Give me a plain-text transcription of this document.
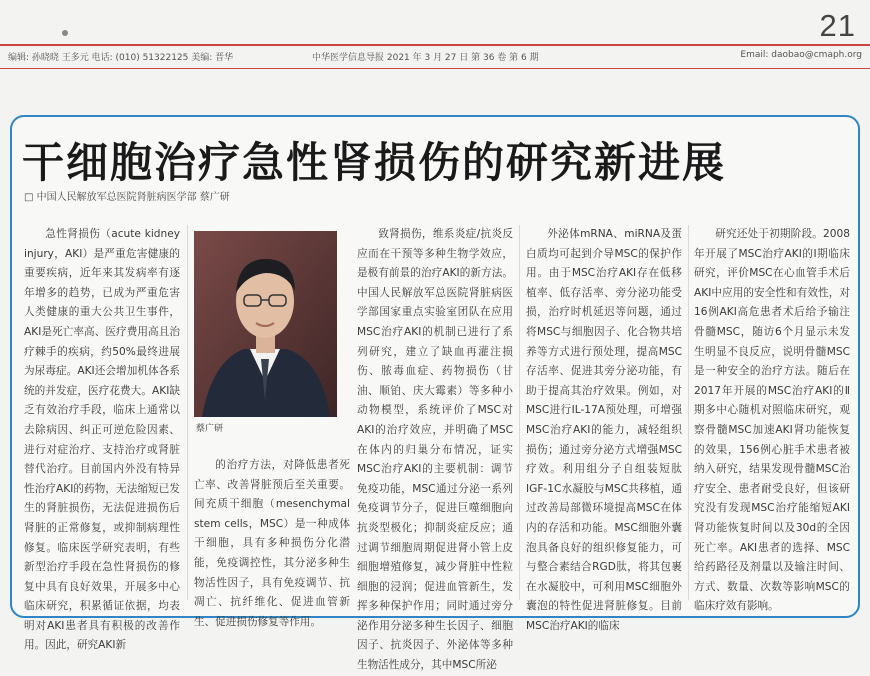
21
编辑: 孙晓晓 王多元 电话: (010) 51322125 美编: 晋华	中华医学信息导报 2021 年 3 月 27 日 第 36 卷 第 6 期	Email: daobao@cmaph.org
干细胞治疗急性肾损伤的研究新进展
□ 中国人民解放军总医院肾脏病医学部 蔡广研
蔡广研

急性肾损伤（acute kidney injury，AKI）是严重危害健康的重要疾病，近年来其发病率有逐年增多的趋势，已成为严重危害人类健康的重大公共卫生事件，AKI是死亡率高、医疗费用高且治疗棘手的疾病，约50%最终进展为尿毒症。AKI还会增加机体各系统的并发症，医疗花费大。AKI缺乏有效治疗手段，临床上通常以去除病因、纠正可逆危险因素、进行对症治疗、支持治疗或肾脏替代治疗。目前国内外没有特异性治疗AKI的药物，无法缩短已发生的肾脏损伤，无法促进损伤后肾脏的正常修复，或抑制病理性修复。临床医学研究表明，有些新型治疗手段在急性肾损伤的修复中具有良好效果，开展多中心临床研究，积累循证依据，均表明对AKI患者具有积极的改善作用。因此，研究AKI新

的治疗方法，对降低患者死亡率、改善肾脏预后至关重要。间充质干细胞（mesenchymal stem cells，MSC）是一种成体干细胞，具有多种损伤分化潜能，免疫调控性，其分泌多种生物活性因子，具有免疫调节、抗凋亡、抗纤维化、促进血管新生、促进损伤修复等作用。

致肾损伤，维系炎症/抗炎反应而在干预等多种生物学效应，是极有前景的治疗AKI的新方法。中国人民解放军总医院肾脏病医学部国家重点实验室团队在应用MSC治疗AKI的机制已进行了系列研究，建立了缺血再灌注损伤、脓毒血症、药物损伤（甘油、顺铂、庆大霉素）等多种小动物模型，系统评价了MSC对AKI的治疗效应，并明确了MSC在体内的归巢分布情况，证实MSC治疗AKI的主要机制：调节免疫功能，MSC通过分泌一系列免疫调节分子，促进巨噬细胞向抗炎型极化；抑制炎症反应；通过调节细胞周期促进肾小管上皮细胞增殖修复，减少肾脏中性粒细胞的浸润；促进血管新生，发挥多种保护作用；同时通过旁分泌作用分泌多种生长因子、细胞因子、抗炎因子、外泌体等多种生物活性成分，其中MSC所泌

外泌体mRNA、miRNA及蛋白质均可起到介导MSC的保护作用。由于MSC治疗AKI存在低移植率、低存活率、旁分泌功能受损，治疗时机延迟等问题，通过将MSC与细胞因子、化合物共培养等方式进行预处理，提高MSC存活率、促进其旁分泌功能，有助于提高其治疗效果。例如，对MSC进行IL-17A预处理，可增强MSC治疗AKI的能力，减轻组织损伤；通过旁分泌方式增强MSC疗效。利用组分子自组装短肽IGF-1C水凝胶与MSC共移植，通过改善局部微环境提高MSC在体内的存活和功能。MSC细胞外囊泡具备良好的组织修复能力，可与整合素结合RGD肽，将其包裹在水凝胶中，可利用MSC细胞外囊泡的特性促进肾脏修复。目前MSC治疗AKI的临床

研究还处于初期阶段。2008年开展了MSC治疗AKI的Ⅰ期临床研究，评价MSC在心血管手术后AKI中应用的安全性和有效性，对16例AKI高危患者术后给予输注骨髓MSC，随访6个月显示未发生明显不良反应，说明骨髓MSC是一种安全的治疗方法。随后在2017年开展的MSC治疗AKI的Ⅱ期多中心随机对照临床研究，观察骨髓MSC加速AKI肾功能恢复的效果，156例心脏手术患者被纳入研究，结果发现骨髓MSC治疗安全、患者耐受良好，但该研究没有发现MSC治疗能缩短AKI肾功能恢复时间以及30d的全因死亡率。AKI患者的选择、MSC给药路径及剂量以及输注时间、方式、数量、次数等影响MSC的临床疗效有影响。
